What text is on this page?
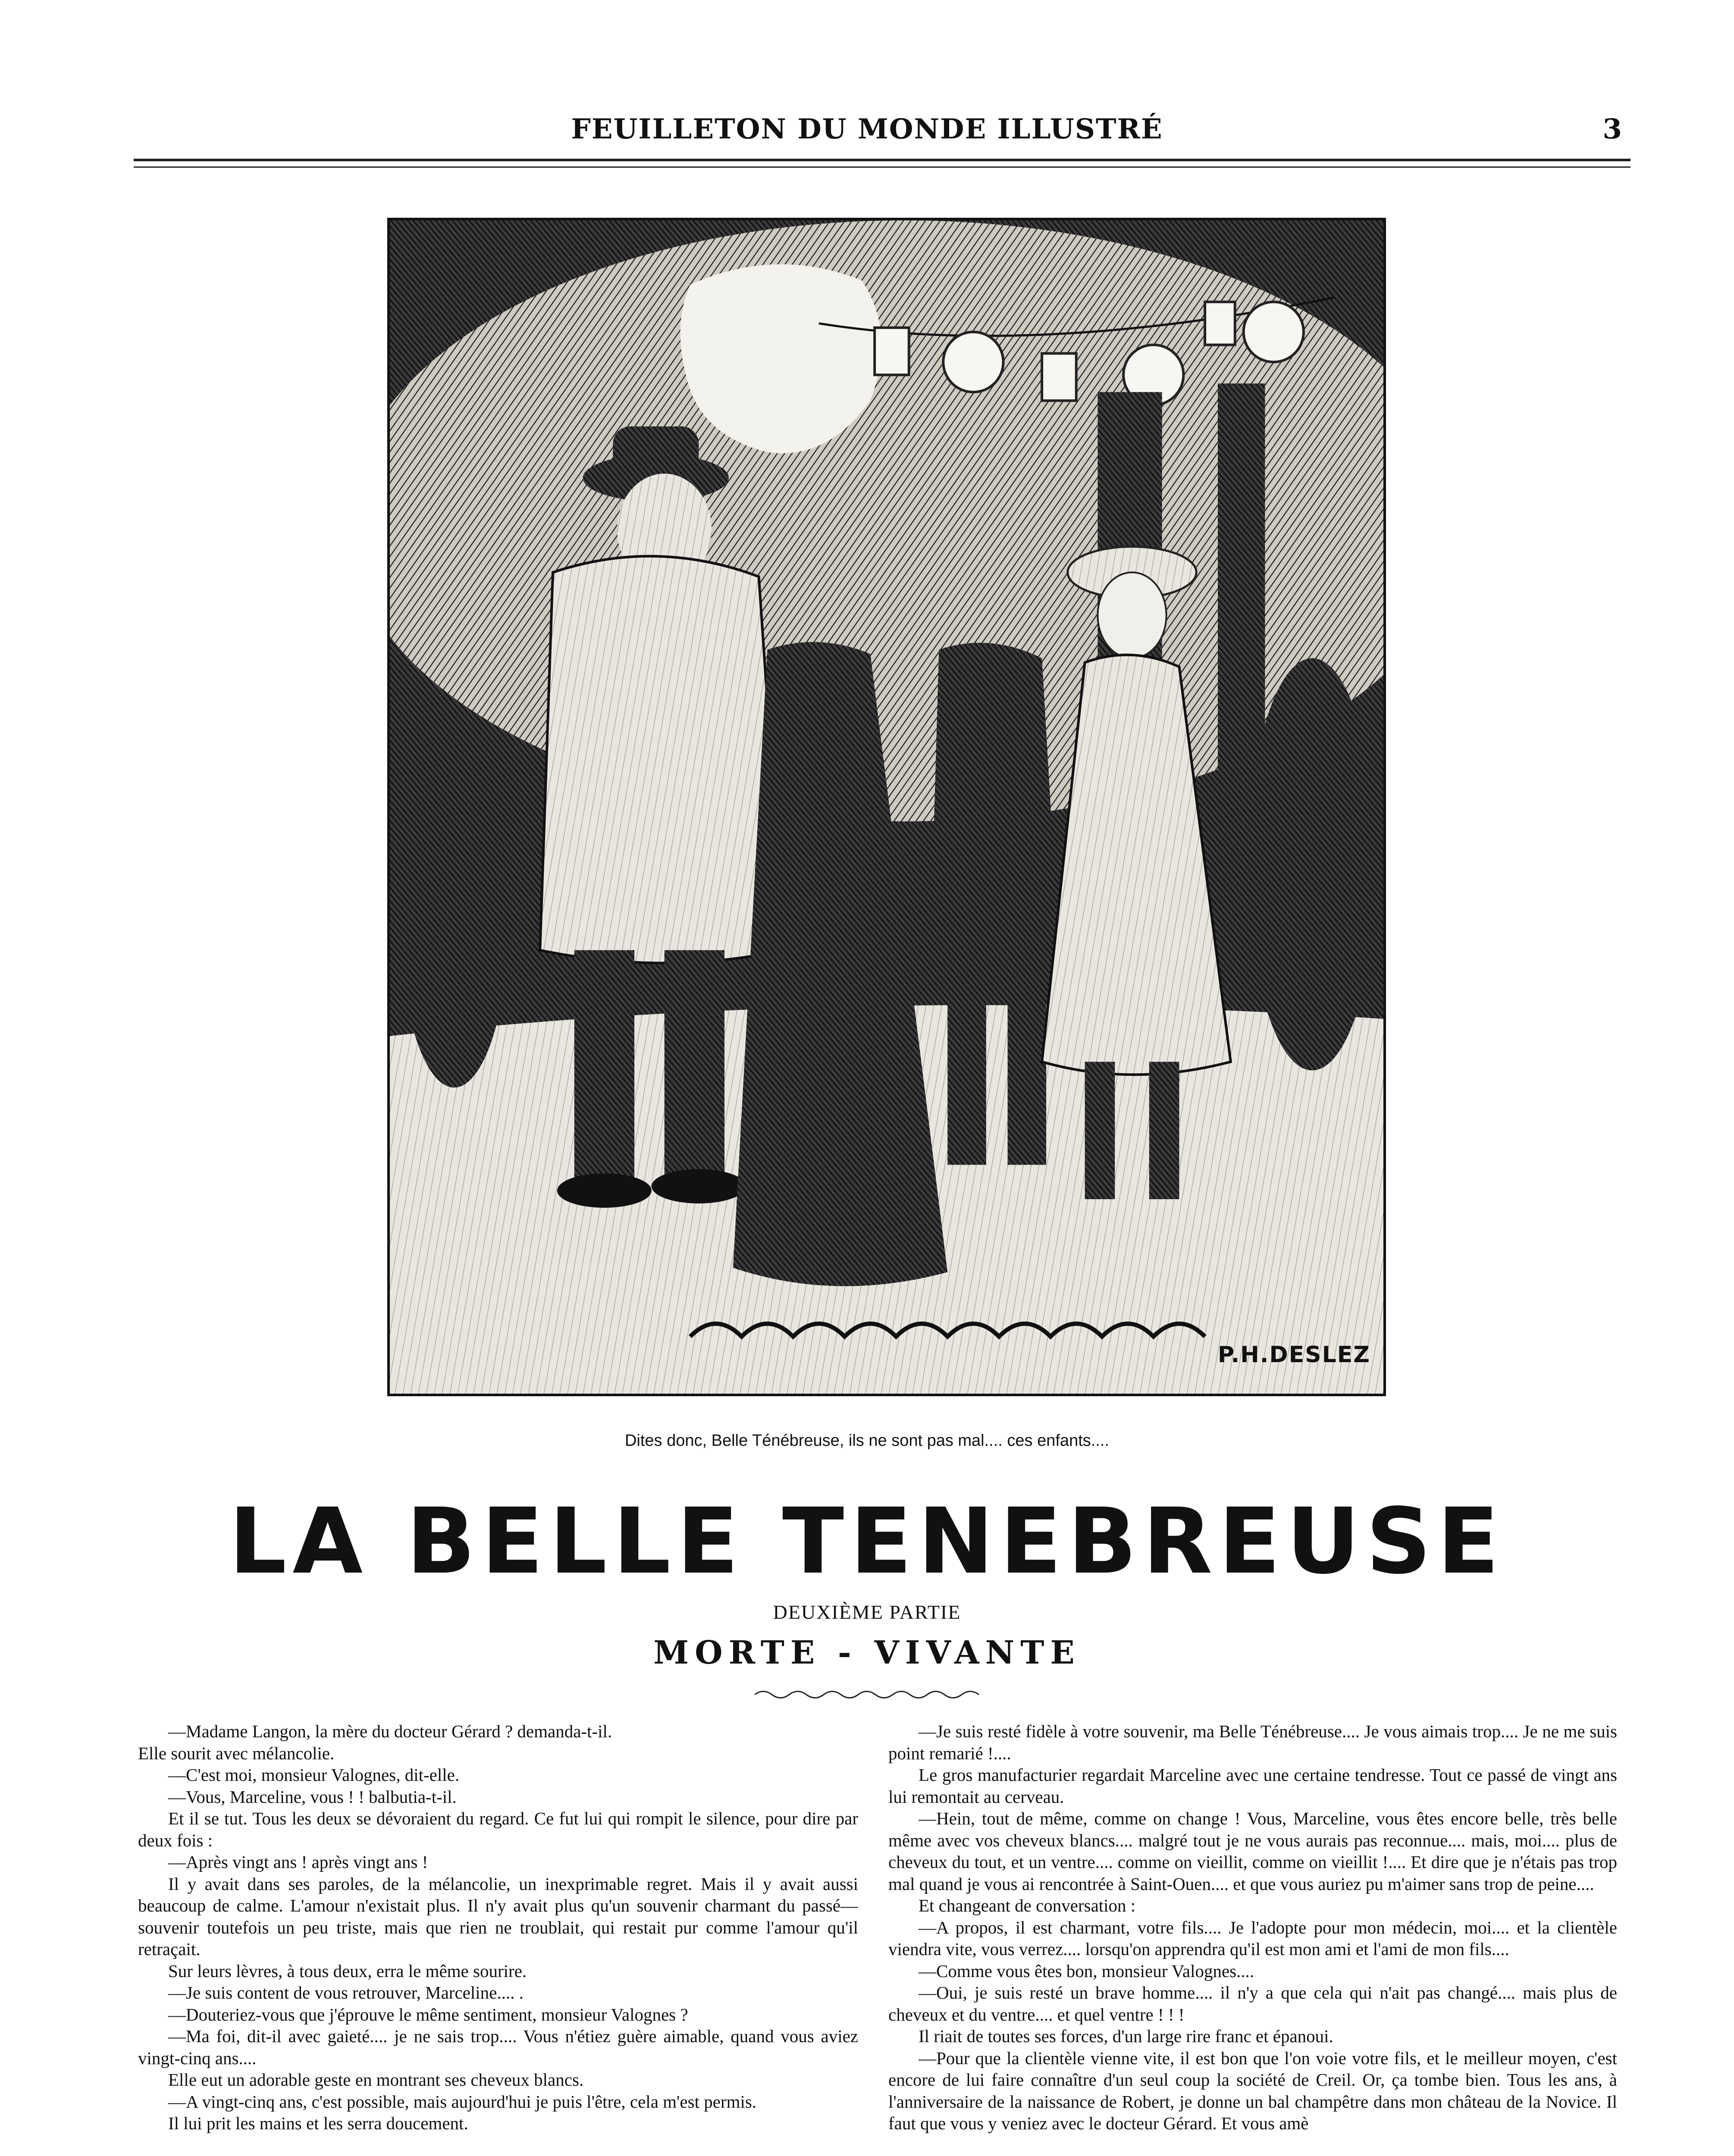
FEUILLETON DU MONDE ILLUSTRÉ	3
P.H.DESLEZ
Dites donc, Belle Ténébreuse, ils ne sont pas mal.... ces enfants....
LA BELLE TENEBREUSE
DEUXIÈME PARTIE
MORTE - VIVANTE

—Madame Langon, la mère du docteur Gérard ? demanda-t-il.

Elle sourit avec mélancolie.

—C'est moi, monsieur Valognes, dit-elle.

—Vous, Marceline, vous ! ! balbutia-t-il.

Et il se tut. Tous les deux se dévoraient du regard. Ce fut lui qui rompit le silence, pour dire par deux fois :

—Après vingt ans ! après vingt ans !

Il y avait dans ses paroles, de la mélancolie, un inexprimable regret. Mais il y avait aussi beaucoup de calme. L'amour n'existait plus. Il n'y avait plus qu'un souvenir charmant du passé—souvenir toutefois un peu triste, mais que rien ne troublait, qui restait pur comme l'amour qu'il retraçait.

Sur leurs lèvres, à tous deux, erra le même sourire.

—Je suis content de vous retrouver, Marceline.... .

—Douteriez-vous que j'éprouve le même sentiment, monsieur Valognes ?

—Ma foi, dit-il avec gaieté.... je ne sais trop.... Vous n'étiez guère aimable, quand vous aviez vingt-cinq ans....

Elle eut un adorable geste en montrant ses cheveux blancs.

—A vingt-cinq ans, c'est possible, mais aujourd'hui je puis l'être, cela m'est permis.

Il lui prit les mains et les serra doucement.

—Je suis resté fidèle à votre souvenir, ma Belle Ténébreuse.... Je vous aimais trop.... Je ne me suis point remarié !....

Le gros manufacturier regardait Marceline avec une certaine tendresse. Tout ce passé de vingt ans lui remontait au cerveau.

—Hein, tout de même, comme on change ! Vous, Marceline, vous êtes encore belle, très belle même avec vos cheveux blancs.... malgré tout je ne vous aurais pas reconnue.... mais, moi.... plus de cheveux du tout, et un ventre.... comme on vieillit, comme on vieillit !.... Et dire que je n'étais pas trop mal quand je vous ai rencontrée à Saint-Ouen.... et que vous auriez pu m'aimer sans trop de peine....

Et changeant de conversation :

—A propos, il est charmant, votre fils.... Je l'adopte pour mon médecin, moi.... et la clientèle viendra vite, vous verrez.... lorsqu'on apprendra qu'il est mon ami et l'ami de mon fils....

—Comme vous êtes bon, monsieur Valognes....

—Oui, je suis resté un brave homme.... il n'y a que cela qui n'ait pas changé.... mais plus de cheveux et du ventre.... et quel ventre ! ! !

Il riait de toutes ses forces, d'un large rire franc et épanoui.

—Pour que la clientèle vienne vite, il est bon que l'on voie votre fils, et le meilleur moyen, c'est encore de lui faire connaître d'un seul coup la société de Creil. Or, ça tombe bien. Tous les ans, à l'anniversaire de la naissance de Robert, je donne un bal champêtre dans mon château de la Novice. Il faut que vous y veniez avec le docteur Gérard. Et vous amè
